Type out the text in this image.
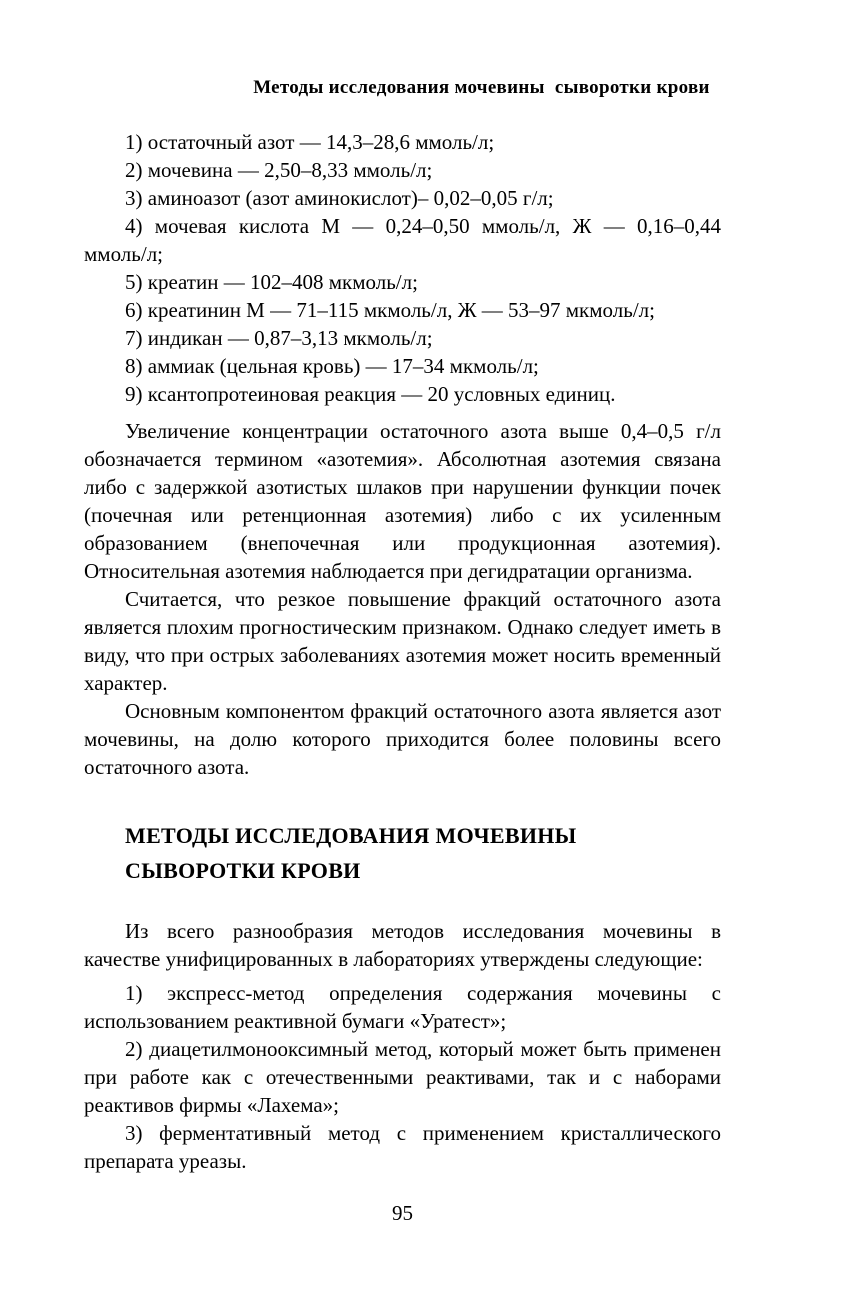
Методы исследования мочевины  сыворотки крови

1) остаточный азот — 14,3–28,6 ммоль/л;

2) мочевина — 2,50–8,33 ммоль/л;

3) аминоазот (азот аминокислот)– 0,02–0,05 г/л;

4) мочевая кислота М — 0,24–0,50 ммоль/л, Ж — 0,16–0,44 ммоль/л;

5) креатин — 102–408 мкмоль/л;

6) креатинин М — 71–115 мкмоль/л, Ж — 53–97 мкмоль/л;

7) индикан — 0,87–3,13 мкмоль/л;

8) аммиак (цельная кровь) — 17–34 мкмоль/л;

9) ксантопротеиновая реакция — 20 условных единиц.

Увеличение концентрации остаточного азота выше 0,4–0,5 г/л обозначается термином «азотемия». Абсолютная азотемия связана либо с задержкой азотистых шлаков при нарушении функции почек (почечная или ретенционная азотемия) либо с их усиленным образованием (внепочечная или продукционная азотемия). Относительная азотемия наблюдается при дегидратации организма.

Считается, что резкое повышение фракций остаточного азота является плохим прогностическим признаком. Однако следует иметь в виду, что при острых заболеваниях азотемия может носить временный характер.

Основным компонентом фракций остаточного азота является азот мочевины, на долю которого приходится более половины всего остаточного азота.

МЕТОДЫ ИССЛЕДОВАНИЯ МОЧЕВИНЫ
СЫВОРОТКИ КРОВИ

Из всего разнообразия методов исследования мочевины в качестве унифицированных в лабораториях утверждены следующие:

1) экспресс-метод определения содержания мочевины с использованием реактивной бумаги «Уратест»;

2) диацетилмонооксимный метод, который может быть применен при работе как с отечественными реактивами, так и с наборами реактивов фирмы «Лахема»;

3) ферментативный метод с применением кристаллического препарата уреазы.

95
